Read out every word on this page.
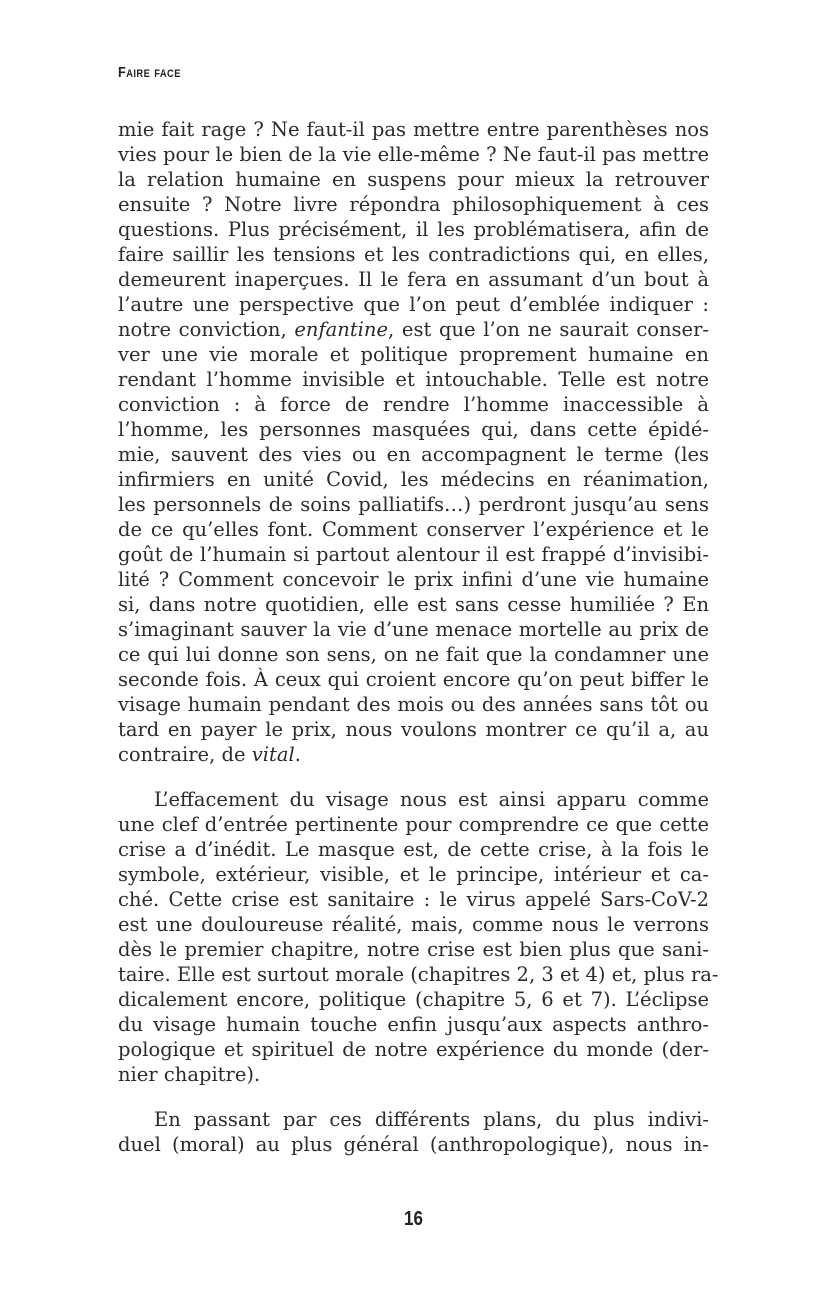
Faire face
mie fait rage ? Ne faut-il pas mettre entre parenthèses nos
vies pour le bien de la vie elle-même ? Ne faut-il pas mettre
la relation humaine en suspens pour mieux la retrouver
ensuite ? Notre livre répondra philosophiquement à ces
questions. Plus précisément, il les problématisera, afin de
faire saillir les tensions et les contradictions qui, en elles,
demeurent inaperçues. Il le fera en assumant d’un bout à
l’autre une perspective que l’on peut d’emblée indiquer :
notre conviction, enfantine, est que l’on ne saurait conser-
ver une vie morale et politique proprement humaine en
rendant l’homme invisible et intouchable. Telle est notre
conviction : à force de rendre l’homme inaccessible à
l’homme, les personnes masquées qui, dans cette épidé-
mie, sauvent des vies ou en accompagnent le terme (les
infirmiers en unité Covid, les médecins en réanimation,
les personnels de soins palliatifs…) perdront jusqu’au sens
de ce qu’elles font. Comment conserver l’expérience et le
goût de l’humain si partout alentour il est frappé d’invisibi-
lité ? Comment concevoir le prix infini d’une vie humaine
si, dans notre quotidien, elle est sans cesse humiliée ? En
s’imaginant sauver la vie d’une menace mortelle au prix de
ce qui lui donne son sens, on ne fait que la condamner une
seconde fois. À ceux qui croient encore qu’on peut biffer le
visage humain pendant des mois ou des années sans tôt ou
tard en payer le prix, nous voulons montrer ce qu’il a, au
contraire, de vital.
L’effacement du visage nous est ainsi apparu comme
une clef d’entrée pertinente pour comprendre ce que cette
crise a d’inédit. Le masque est, de cette crise, à la fois le
symbole, extérieur, visible, et le principe, intérieur et ca-
ché. Cette crise est sanitaire : le virus appelé Sars-CoV-2
est une douloureuse réalité, mais, comme nous le verrons
dès le premier chapitre, notre crise est bien plus que sani-
taire. Elle est surtout morale (chapitres 2, 3 et 4) et, plus ra-
dicalement encore, politique (chapitre 5, 6 et 7). L’éclipse
du visage humain touche enfin jusqu’aux aspects anthro-
pologique et spirituel de notre expérience du monde (der-
nier chapitre).
En passant par ces différents plans, du plus indivi-
duel (moral) au plus général (anthropologique), nous in-
16
